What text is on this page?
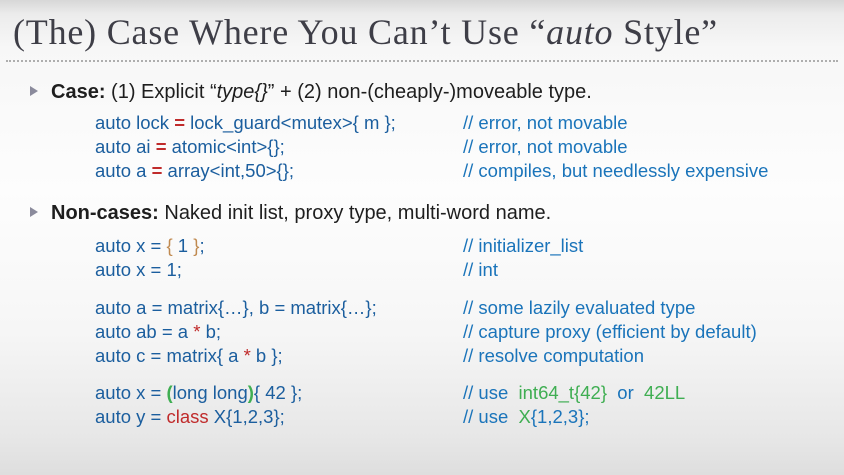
(The) Case Where You Can’t Use “auto Style”
Case: (1) Explicit “type{}” + (2) non-(cheaply-)moveable type.
auto lock = lock_guard<mutex>{ m };	// error, not movable
auto ai = atomic<int>{};	// error, not movable
auto a = array<int,50>{};	// compiles, but needlessly expensive
Non-cases: Naked init list, proxy type, multi-word name.
auto x = { 1 };	// initializer_list
auto x = 1;	// int
auto a = matrix{…}, b = matrix{…};	// some lazily evaluated type
auto ab = a * b;	// capture proxy (efficient by default)
auto c = matrix{ a * b };	// resolve computation
auto x = (long long){ 42 };	// use  int64_t{42}  or  42LL
auto y = class X{1,2,3};	// use  X{1,2,3};
